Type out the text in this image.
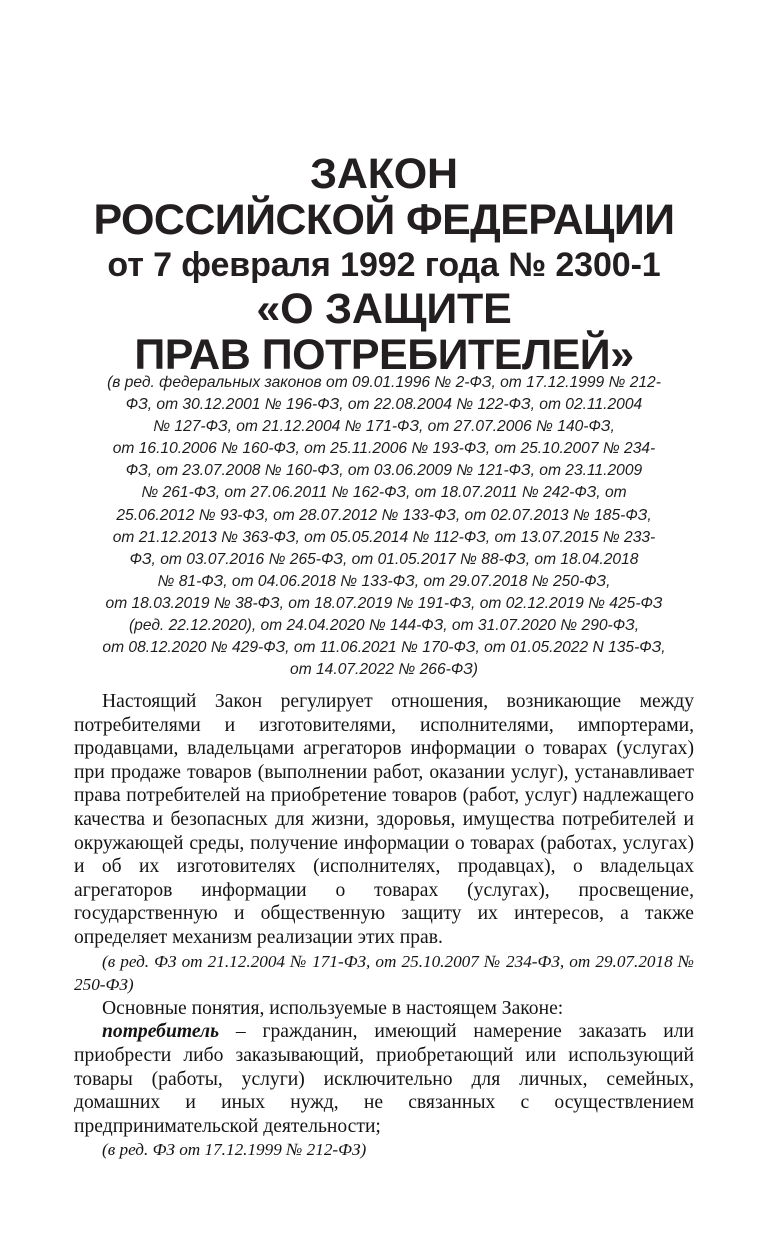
ЗАКОН
РОССИЙСКОЙ ФЕДЕРАЦИИ
от 7 февраля 1992 года № 2300-1
«О ЗАЩИТЕ
ПРАВ ПОТРЕБИТЕЛЕЙ»
(в ред. федеральных законов от 09.01.1996 № 2-ФЗ, от 17.12.1999 № 212-
ФЗ, от 30.12.2001 № 196-ФЗ, от 22.08.2004 № 122-ФЗ, от 02.11.2004
№ 127-ФЗ, от 21.12.2004 № 171-ФЗ, от 27.07.2006 № 140-ФЗ,
от 16.10.2006 № 160-ФЗ, от 25.11.2006 № 193-ФЗ, от 25.10.2007 № 234-
ФЗ, от 23.07.2008 № 160-ФЗ, от 03.06.2009 № 121-ФЗ, от 23.11.2009
№ 261-ФЗ, от 27.06.2011 № 162-ФЗ, от 18.07.2011 № 242-ФЗ, от
25.06.2012 № 93-ФЗ, от 28.07.2012 № 133-ФЗ, от 02.07.2013 № 185-ФЗ,
от 21.12.2013 № 363-ФЗ, от 05.05.2014 № 112-ФЗ, от 13.07.2015 № 233-
ФЗ, от 03.07.2016 № 265-ФЗ, от 01.05.2017 № 88-ФЗ, от 18.04.2018
№ 81-ФЗ, от 04.06.2018 № 133-ФЗ, от 29.07.2018 № 250-ФЗ,
от 18.03.2019 № 38-ФЗ, от 18.07.2019 № 191-ФЗ, от 02.12.2019 № 425-ФЗ
(ред. 22.12.2020), от 24.04.2020 № 144-ФЗ, от 31.07.2020 № 290-ФЗ,
от 08.12.2020 № 429-ФЗ, от 11.06.2021 № 170-ФЗ, от 01.05.2022 N 135-ФЗ,
от 14.07.2022 № 266-ФЗ)

Настоящий Закон регулирует отношения, возникающие между потребителями и изготовителями, исполнителями, импортерами, продавцами, владельцами агрегаторов информации о товарах (услугах) при продаже товаров (выполнении работ, оказании услуг), устанавливает права потребителей на приобретение товаров (работ, услуг) надлежащего качества и безопасных для жизни, здоровья, имущества потребителей и окружающей среды, получение информации о товарах (работах, услугах) и об их изготовителях (исполнителях, продавцах), о владельцах агрегаторов информации о товарах (услугах), просвещение, государственную и общественную защиту их интересов, а также определяет механизм реализации этих прав.

(в ред. ФЗ от 21.12.2004 № 171-ФЗ, от 25.10.2007 № 234-ФЗ, от 29.07.2018 № 250-ФЗ)

Основные понятия, используемые в настоящем Законе:

потребитель – гражданин, имеющий намерение заказать или приобрести либо заказывающий, приобретающий или использующий товары (работы, услуги) исключительно для личных, семейных, домашних и иных нужд, не связанных с осуществлением предпринимательской деятельности;

(в ред. ФЗ от 17.12.1999 № 212-ФЗ)
